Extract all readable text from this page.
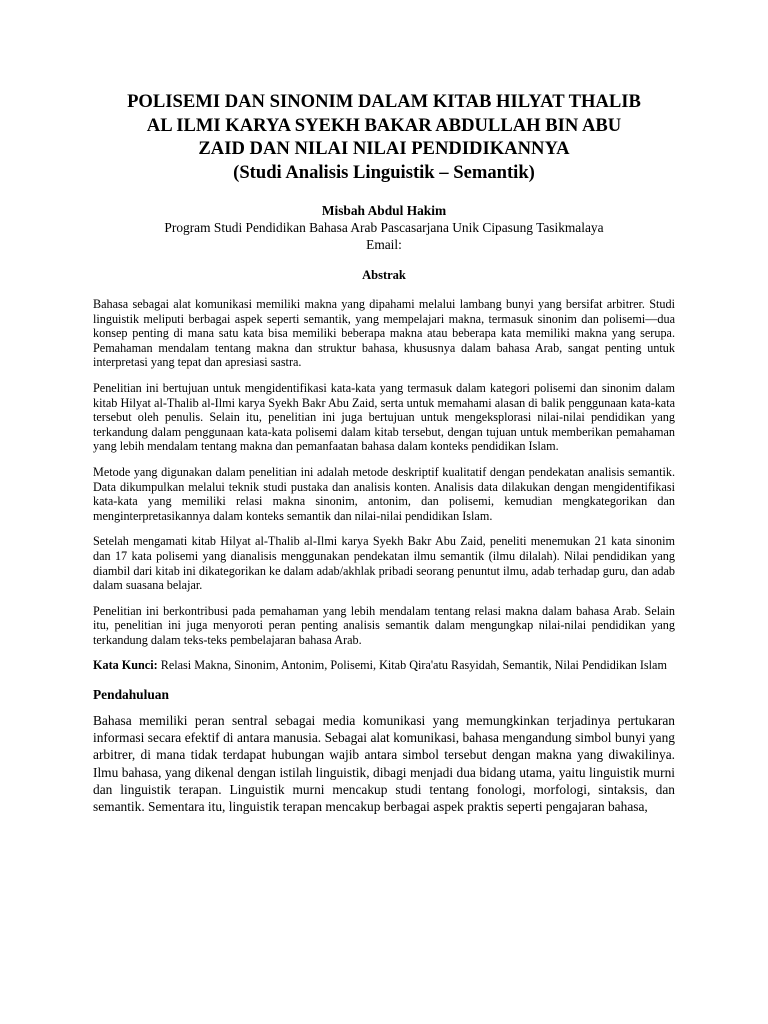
POLISEMI DAN SINONIM DALAM KITAB HILYAT THALIB
AL ILMI KARYA SYEKH BAKAR ABDULLAH BIN ABU
ZAID DAN NILAI NILAI PENDIDIKANNYA
(Studi Analisis Linguistik – Semantik)

Misbah Abdul Hakim

Program Studi Pendidikan Bahasa Arab Pascasarjana Unik Cipasung Tasikmalaya

Email:

Abstrak

Bahasa sebagai alat komunikasi memiliki makna yang dipahami melalui lambang bunyi yang bersifat arbitrer. Studi linguistik meliputi berbagai aspek seperti semantik, yang mempelajari makna, termasuk sinonim dan polisemi—dua konsep penting di mana satu kata bisa memiliki beberapa makna atau beberapa kata memiliki makna yang serupa. Pemahaman mendalam tentang makna dan struktur bahasa, khususnya dalam bahasa Arab, sangat penting untuk interpretasi yang tepat dan apresiasi sastra.

Penelitian ini bertujuan untuk mengidentifikasi kata-kata yang termasuk dalam kategori polisemi dan sinonim dalam kitab Hilyat al-Thalib al-Ilmi karya Syekh Bakr Abu Zaid, serta untuk memahami alasan di balik penggunaan kata-kata tersebut oleh penulis. Selain itu, penelitian ini juga bertujuan untuk mengeksplorasi nilai-nilai pendidikan yang terkandung dalam penggunaan kata-kata polisemi dalam kitab tersebut, dengan tujuan untuk memberikan pemahaman yang lebih mendalam tentang makna dan pemanfaatan bahasa dalam konteks pendidikan Islam.

Metode yang digunakan dalam penelitian ini adalah metode deskriptif kualitatif dengan pendekatan analisis semantik. Data dikumpulkan melalui teknik studi pustaka dan analisis konten. Analisis data dilakukan dengan mengidentifikasi kata-kata yang memiliki relasi makna sinonim, antonim, dan polisemi, kemudian mengkategorikan dan menginterpretasikannya dalam konteks semantik dan nilai-nilai pendidikan Islam.

Setelah mengamati kitab Hilyat al-Thalib al-Ilmi karya Syekh Bakr Abu Zaid, peneliti menemukan 21 kata sinonim dan 17 kata polisemi yang dianalisis menggunakan pendekatan ilmu semantik (ilmu dilalah). Nilai pendidikan yang diambil dari kitab ini dikategorikan ke dalam adab/akhlak pribadi seorang penuntut ilmu, adab terhadap guru, dan adab dalam suasana belajar.

Penelitian ini berkontribusi pada pemahaman yang lebih mendalam tentang relasi makna dalam bahasa Arab. Selain itu, penelitian ini juga menyoroti peran penting analisis semantik dalam mengungkap nilai-nilai pendidikan yang terkandung dalam teks-teks pembelajaran bahasa Arab.

Kata Kunci: Relasi Makna, Sinonim, Antonim, Polisemi, Kitab Qira'atu Rasyidah, Semantik, Nilai Pendidikan Islam

Pendahuluan

Bahasa memiliki peran sentral sebagai media komunikasi yang memungkinkan terjadinya pertukaran informasi secara efektif di antara manusia. Sebagai alat komunikasi, bahasa mengandung simbol bunyi yang arbitrer, di mana tidak terdapat hubungan wajib antara simbol tersebut dengan makna yang diwakilinya. Ilmu bahasa, yang dikenal dengan istilah linguistik, dibagi menjadi dua bidang utama, yaitu linguistik murni dan linguistik terapan. Linguistik murni mencakup studi tentang fonologi, morfologi, sintaksis, dan semantik. Sementara itu, linguistik terapan mencakup berbagai aspek praktis seperti pengajaran bahasa,
